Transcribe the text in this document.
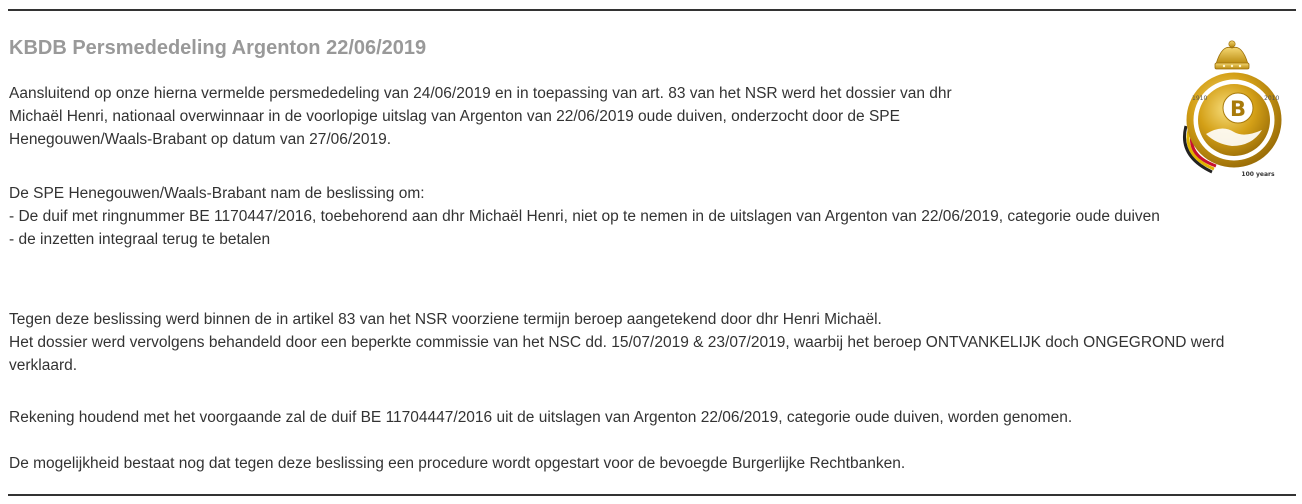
KBDB Persmededeling Argenton 22/06/2019

Aansluitend op onze hierna vermelde persmededeling van 24/06/2019 en in toepassing van art. 83 van het NSR werd het dossier van dhr
Michaël Henri, nationaal overwinnaar in de voorlopige uitslag van Argenton van 22/06/2019 oude duiven, onderzocht door de SPE
Henegouwen/Waals-Brabant op datum van 27/06/2019.

De SPE Henegouwen/Waals-Brabant nam de beslissing om:
- De duif met ringnummer BE 1170447/2016, toebehorend aan dhr Michaël Henri, niet op te nemen in de uitslagen van Argenton van 22/06/2019, categorie oude duiven
- de inzetten integraal terug te betalen

Tegen deze beslissing werd binnen de in artikel 83 van het NSR voorziene termijn beroep aangetekend door dhr Henri Michaël.
Het dossier werd vervolgens behandeld door een beperkte commissie van het NSC dd. 15/07/2019 & 23/07/2019, waarbij het beroep ONTVANKELIJK doch ONGEGROND werd verklaard.

Rekening houdend met het voorgaande zal de duif BE 11704447/2016 uit de uitslagen van Argenton 22/06/2019, categorie oude duiven, worden genomen.

De mogelijkheid bestaat nog dat tegen deze beslissing een procedure wordt opgestart voor de bevoegde Burgerlijke Rechtbanken.

1910	2010
B
100 years
